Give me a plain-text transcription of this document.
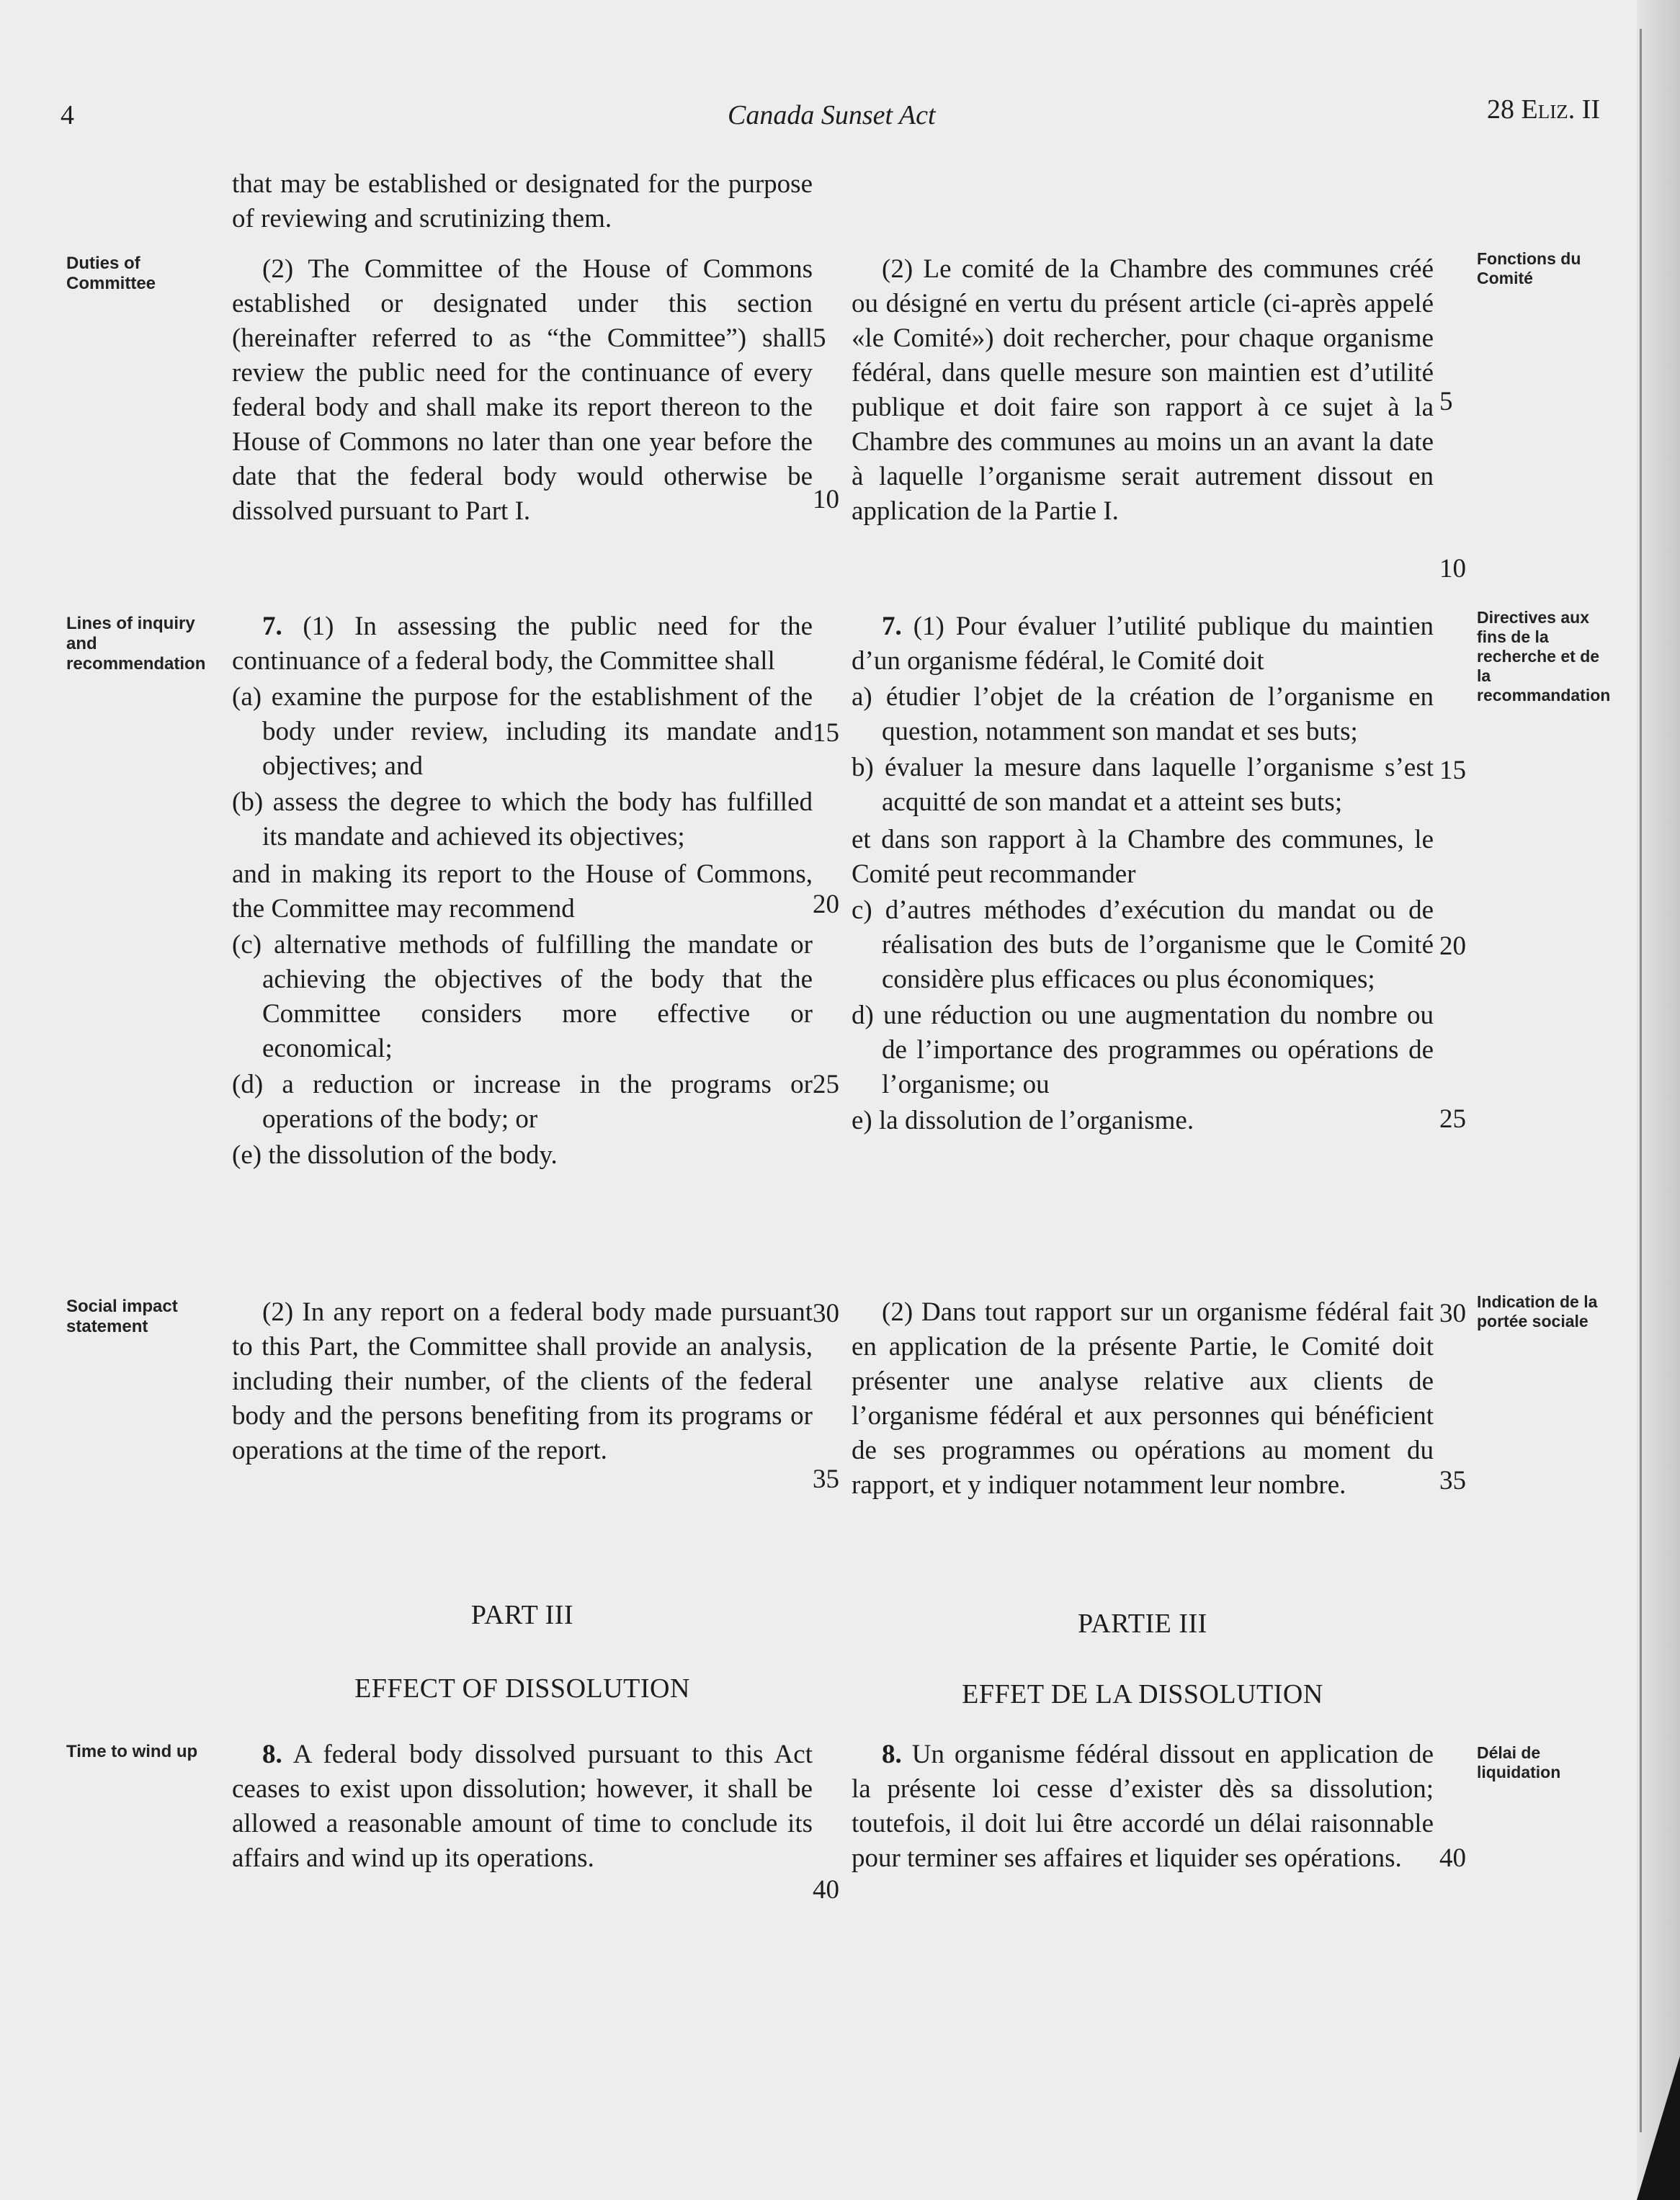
4	Canada Sunset Act	28 Eliz. II
Duties of Committee
Lines of inquiry and recommendation
Social impact statement
Time to wind up
Fonctions du Comité
Directives aux fins de la recherche et de la recommandation
Indication de la portée sociale
Délai de liquidation
that may be established or designated for the purpose of reviewing and scrutinizing them.
(2) The Committee of the House of Commons established or designated under this section (hereinafter referred to as “the Committee”) shall review the public need for the continuance of every federal body and shall make its report thereon to the House of Commons no later than one year before the date that the federal body would otherwise be dissolved pursuant to Part I.

7. (1) In assessing the public need for the continuance of a federal body, the Committee shall

(a) examine the purpose for the establishment of the body under review, including its mandate and objectives; and

(b) assess the degree to which the body has fulfilled its mandate and achieved its objectives;

and in making its report to the House of Commons, the Committee may recommend

(c) alternative methods of fulfilling the mandate or achieving the objectives of the body that the Committee considers more effective or economical;

(d) a reduction or increase in the programs or operations of the body; or

(e) the dissolution of the body.

(2) In any report on a federal body made pursuant to this Part, the Committee shall provide an analysis, including their number, of the clients of the federal body and the persons benefiting from its programs or operations at the time of the report.
PART III
EFFECT OF DISSOLUTION
8. A federal body dissolved pursuant to this Act ceases to exist upon dissolution; however, it shall be allowed a reasonable amount of time to conclude its affairs and wind up its operations.
(2) Le comité de la Chambre des communes créé ou désigné en vertu du présent article (ci-après appelé «le Comité») doit rechercher, pour chaque organisme fédéral, dans quelle mesure son maintien est d’utilité publique et doit faire son rapport à ce sujet à la Chambre des communes au moins un an avant la date à laquelle l’organisme serait autrement dissout en application de la Partie I.

7. (1) Pour évaluer l’utilité publique du maintien d’un organisme fédéral, le Comité doit

a) étudier l’objet de la création de l’organisme en question, notamment son mandat et ses buts;

b) évaluer la mesure dans laquelle l’organisme s’est acquitté de son mandat et a atteint ses buts;

et dans son rapport à la Chambre des communes, le Comité peut recommander

c) d’autres méthodes d’exécution du mandat ou de réalisation des buts de l’organisme que le Comité considère plus efficaces ou plus économiques;

d) une réduction ou une augmentation du nombre ou de l’importance des programmes ou opérations de l’organisme; ou

e) la dissolution de l’organisme.

(2) Dans tout rapport sur un organisme fédéral fait en application de la présente Partie, le Comité doit présenter une analyse relative aux clients de l’organisme fédéral et aux personnes qui bénéficient de ses programmes ou opérations au moment du rapport, et y indiquer notamment leur nombre.
PARTIE III
EFFET DE LA DISSOLUTION
8. Un organisme fédéral dissout en application de la présente loi cesse d’exister dès sa dissolution; toutefois, il doit lui être accordé un délai raisonnable pour terminer ses affaires et liquider ses opérations.
5
10
15
20
25
30
35
40
5
10
15
20
25
30
35
40
